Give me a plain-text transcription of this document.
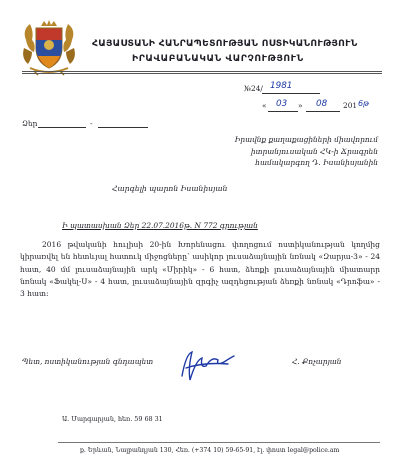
ՀԱՅԱՍՏԱՆԻ ՀԱՆՐԱՊԵՏՈՒԹՅԱՆ ՈՍՏԻԿԱՆՈՒԹՅՈՒՆ
ԻՐԱՎԱԲԱՆԱԿԱՆ ՎԱՐՉՈՒԹՅՈՒՆ
№24/ 1981
« 03 » 08 201 6թ
Ձեր	-
Իրավնք քաղաքացիների միավորում
իտրանյուսական ՀԿ-ի Ճրագրեն
համակարգող Դ. Իսանիսյանին
Հարգելի պարոն Իսանիսյան
Ի պատասխան Ձեր 22.07.2016թ. N 772 գրության

2016 թվականի հուլիսի 20-ին Խորենացու փողոցում ոստիկանության կողմից կիրառվել են հետևյալ հատուկ միջոցները՝ ասիկոր լուսաձայնային նռնակ «Զարյա-3» - 24 հատ, 40 մմ լուսաձայնային արկ «Միրիկ» - 6 հատ, ձեռքի լուսաձայնային միատարր նռնակ «Ֆակել-Ս» - 4 հատ, լուսաձայնային զրգիչ ազդեցության ձեռքի նռնակ «Դրոֆա» - 3 հատ:

Պետ, ոստիկանության գնդապետ	Հ. Քոչարյան
Ա. Մարգարյան, հեռ. 59 68 31
ք. Երևան, Նալբանդյան 130, Հեռ. (+374 10) 59-65-91, էլ. փոստ legal@police.am
